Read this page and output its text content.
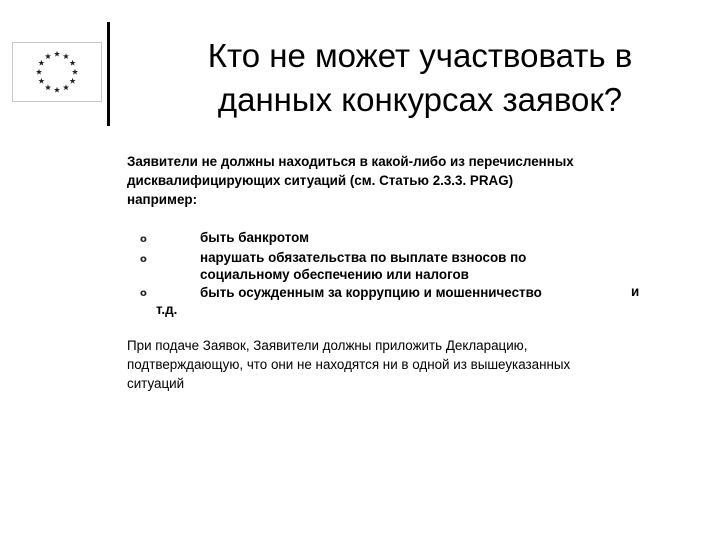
Кто не может участвовать в
данных конкурсах заявок?
Заявители не должны находиться в какой-либо из перечисленных
дисквалифицирующих ситуаций (см. Статью 2.3.3. PRAG)
например:
o
o
o
быть банкротом
нарушать обязательства по выплате взносов по
социальному обеспечению или налогов
быть осужденным за коррупцию и мошенничество	и
т.д.
При подаче Заявок, Заявители должны приложить Декларацию,
подтверждающую, что они не находятся ни в одной из вышеуказанных
ситуаций
